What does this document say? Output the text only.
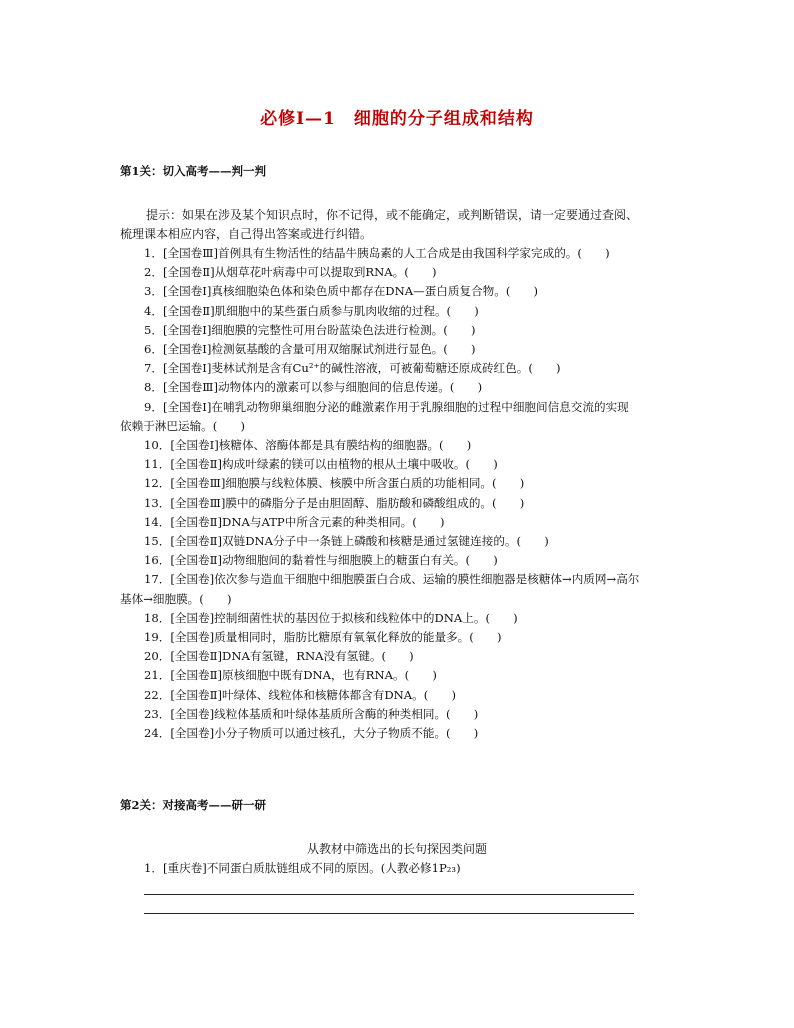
必修Ⅰ—1　细胞的分子组成和结构
第1关：切入高考——判一判
提示：如果在涉及某个知识点时，你不记得，或不能确定，或判断错误，请一定要通过查阅、梳理课本相应内容，自己得出答案或进行纠错。
1．[全国卷Ⅲ]首例具有生物活性的结晶牛胰岛素的人工合成是由我国科学家完成的。(　　)
2．[全国卷Ⅱ]从烟草花叶病毒中可以提取到RNA。(　　)
3．[全国卷Ⅰ]真核细胞染色体和染色质中都存在DNA—蛋白质复合物。(　　)
4．[全国卷Ⅱ]肌细胞中的某些蛋白质参与肌肉收缩的过程。(　　)
5．[全国卷Ⅰ]细胞膜的完整性可用台盼蓝染色法进行检测。(　　)
6．[全国卷Ⅰ]检测氨基酸的含量可用双缩脲试剂进行显色。(　　)
7．[全国卷Ⅰ]斐林试剂是含有Cu²⁺的碱性溶液，可被葡萄糖还原成砖红色。(　　)
8．[全国卷Ⅲ]动物体内的激素可以参与细胞间的信息传递。(　　)
9．[全国卷Ⅰ]在哺乳动物卵巢细胞分泌的雌激素作用于乳腺细胞的过程中细胞间信息交流的实现依赖于淋巴运输。(　　)
10．[全国卷Ⅰ]核糖体、溶酶体都是具有膜结构的细胞器。(　　)
11．[全国卷Ⅱ]构成叶绿素的镁可以由植物的根从土壤中吸收。(　　)
12．[全国卷Ⅲ]细胞膜与线粒体膜、核膜中所含蛋白质的功能相同。(　　)
13．[全国卷Ⅲ]膜中的磷脂分子是由胆固醇、脂肪酸和磷酸组成的。(　　)
14．[全国卷Ⅱ]DNA与ATP中所含元素的种类相同。(　　)
15．[全国卷Ⅱ]双链DNA分子中一条链上磷酸和核糖是通过氢键连接的。(　　)
16．[全国卷Ⅱ]动物细胞间的黏着性与细胞膜上的糖蛋白有关。(　　)
17．[全国卷]依次参与造血干细胞中细胞膜蛋白合成、运输的膜性细胞器是核糖体→内质网→高尔基体→细胞膜。(　　)
18．[全国卷]控制细菌性状的基因位于拟核和线粒体中的DNA上。(　　)
19．[全国卷]质量相同时，脂肪比糖原有氧氧化释放的能量多。(　　)
20．[全国卷Ⅱ]DNA有氢键，RNA没有氢键。(　　)
21．[全国卷Ⅱ]原核细胞中既有DNA，也有RNA。(　　)
22．[全国卷Ⅱ]叶绿体、线粒体和核糖体都含有DNA。(　　)
23．[全国卷]线粒体基质和叶绿体基质所含酶的种类相同。(　　)
24．[全国卷]小分子物质可以通过核孔，大分子物质不能。(　　)
第2关：对接高考——研一研
从教材中筛选出的长句探因类问题
1．[重庆卷]不同蛋白质肽链组成不同的原因。(人教必修1P₂₃)
